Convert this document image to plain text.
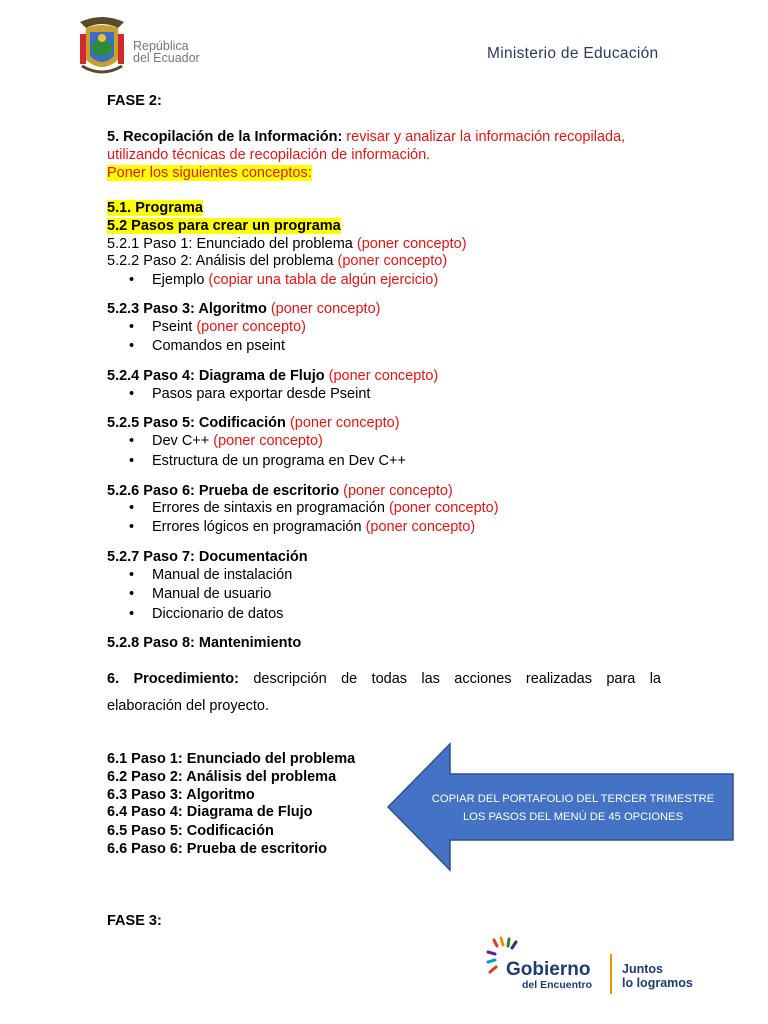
República
del Ecuador	Ministerio de Educación
FASE 2:
5. Recopilación de la Información: revisar y analizar la información recopilada,
utilizando técnicas de recopilación de información.
Poner los siguientes conceptos:
5.1. Programa
5.2 Pasos para crear un programa
5.2.1 Paso 1: Enunciado del problema (poner concepto)
5.2.2 Paso 2: Análisis del problema (poner concepto)
• Ejemplo (copiar una tabla de algún ejercicio)
5.2.3 Paso 3: Algoritmo (poner concepto)
• Pseint (poner concepto)
• Comandos en pseint
5.2.4 Paso 4: Diagrama de Flujo (poner concepto)
• Pasos para exportar desde Pseint
5.2.5 Paso 5: Codificación (poner concepto)
• Dev C++ (poner concepto)
• Estructura de un programa en Dev C++
5.2.6 Paso 6: Prueba de escritorio (poner concepto)
• Errores de sintaxis en programación (poner concepto)
• Errores lógicos en programación (poner concepto)
5.2.7 Paso 7: Documentación
• Manual de instalación
• Manual de usuario
• Diccionario de datos
5.2.8 Paso 8: Mantenimiento
6. Procedimiento: descripción de todas las acciones realizadas para la
elaboración del proyecto.
6.1 Paso 1: Enunciado del problema
6.2 Paso 2: Análisis del problema
6.3 Paso 3: Algoritmo
6.4 Paso 4: Diagrama de Flujo
6.5 Paso 5: Codificación
6.6 Paso 6: Prueba de escritorio
COPIAR DEL PORTAFOLIO DEL TERCER TRIMESTRE
LOS PASOS DEL MENÚ DE 45 OPCIONES
FASE 3:
Gobierno
del Encuentro
Juntos
lo logramos
